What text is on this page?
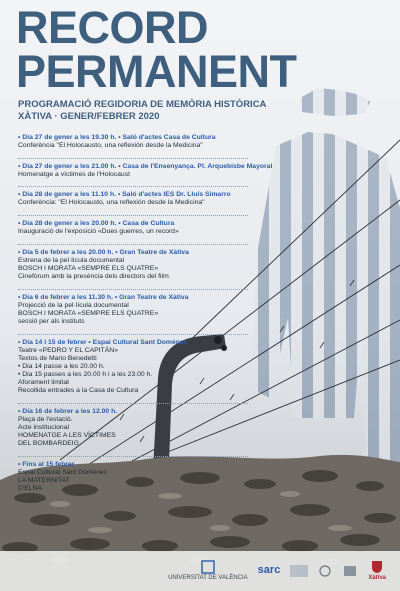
RECORD
PERMANENT
PROGRAMACIÓ REGIDORIA DE MEMÒRIA HISTÒRICA
XÀTIVA · GENER/FEBRER 2020
• Dia 27 de gener a les 19.30 h. • Saló d'actes Casa de Cultura
Conferència "El Holocausto, una reflexión desde la Medicina"
• Dia 27 de gener a les 21.00 h. • Casa de l'Ensenyança. Pl. Arquebisbe Mayoral
Homenatge a víctimes de l'Holocaust
• Dia 28 de gener a les 11.10 h. • Saló d'actes IES Dr. Lluís Simarro
Conferència: "El Holocausto, una reflexión desde la Medicina"
• Dia 28 de gener a les 20.00 h. • Casa de Cultura
Inauguració de l'exposició «Dues guerres, un record»
• Dia 5 de febrer a les 20.00 h. • Gran Teatre de Xàtiva
Estrena de la pel·lícula documental
BOSCH I MORATA «SEMPRE ELS QUATRE»
Cinefòrum amb la presència dels directors del film
• Dia 6 de febrer a les 11.30 h. • Gran Teatre de Xàtiva
Projecció de la pel·lícula documental
BOSCH I MORATA «SEMPRE ELS QUATRE»
sessió per als instituts
• Dia 14 i 15 de febrer • Espai Cultural Sant Domènec
Teatre «PEDRO Y EL CAPITÁN»
Textos de Mario Benedetti
• Dia 14 passe a les 20.00 h.
• Dia 15 passes a les 20.00 h i a les 23.00 h.
Aforament limitat
Recollida entrades a la Casa de Cultura
• Dia 16 de febrer a les 12.00 h.
Plaça de l'estació.
Acte institucional
HOMENATGE A LES VÍCTIMES
DEL BOMBARDEIG
• Fins al 15 febrer
Espai Cultural Sant Domènec
LA MATERNITAT
D'ELNA
UNIVERSITAT DE VALÈNCIA
sarc
Xàtiva
